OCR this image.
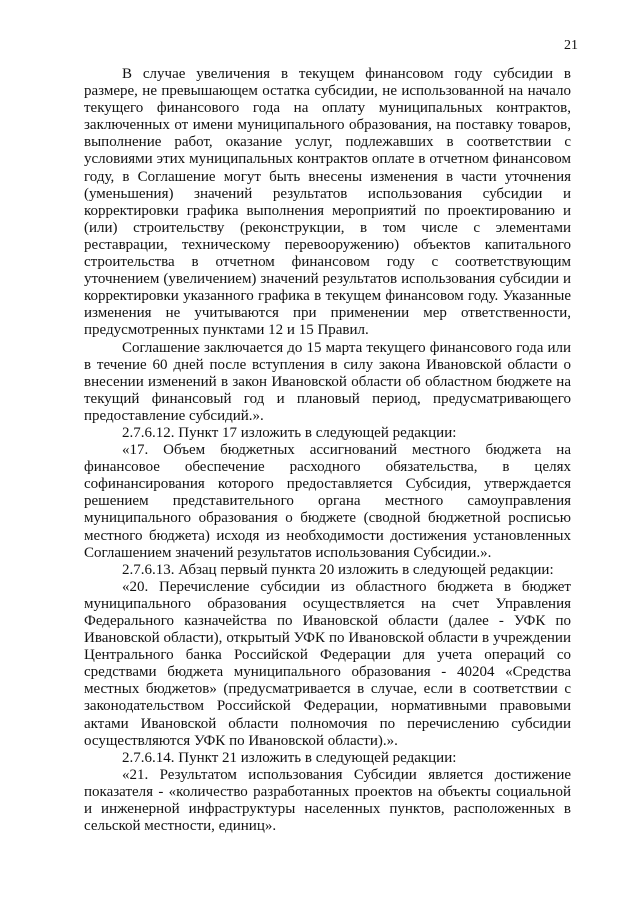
21

В случае увеличения в текущем финансовом году субсидии в размере, не превышающем остатка субсидии, не использованной на начало текущего финансового года на оплату муниципальных контрактов, заключенных от имени муниципального образования, на поставку товаров, выполнение работ, оказание услуг, подлежавших в соответствии с условиями этих муниципальных контрактов оплате в отчетном финансовом году, в Соглашение могут быть внесены изменения в части уточнения (уменьшения) значений результатов использования субсидии и корректировки графика выполнения мероприятий по проектированию и (или) строительству (реконструкции, в том числе с элементами реставрации, техническому перевооружению) объектов капитального строительства в отчетном финансовом году с соответствующим уточнением (увеличением) значений результатов использования субсидии и корректировки указанного графика в текущем финансовом году. Указанные изменения не учитываются при применении мер ответственности, предусмотренных пунктами 12 и 15 Правил.

Соглашение заключается до 15 марта текущего финансового года или в течение 60 дней после вступления в силу закона Ивановской области о внесении изменений в закон Ивановской области об областном бюджете на текущий финансовый год и плановый период, предусматривающего предоставление субсидий.».

2.7.6.12. Пункт 17 изложить в следующей редакции:

«17. Объем бюджетных ассигнований местного бюджета на финансовое обеспечение расходного обязательства, в целях софинансирования которого предоставляется Субсидия, утверждается решением представительного органа местного самоуправления муниципального образования о бюджете (сводной бюджетной росписью местного бюджета) исходя из необходимости достижения установленных Соглашением значений результатов использования Субсидии.».

2.7.6.13. Абзац первый пункта 20 изложить в следующей редакции:

«20. Перечисление субсидии из областного бюджета в бюджет муниципального образования осуществляется на счет Управления Федерального казначейства по Ивановской области (далее - УФК по Ивановской области), открытый УФК по Ивановской области в учреждении Центрального банка Российской Федерации для учета операций со средствами бюджета муниципального образования - 40204 «Средства местных бюджетов» (предусматривается в случае, если в соответствии с законодательством Российской Федерации, нормативными правовыми актами Ивановской области полномочия по перечислению субсидии осуществляются УФК по Ивановской области).».

2.7.6.14. Пункт 21 изложить в следующей редакции:

«21. Результатом использования Субсидии является достижение показателя - «количество разработанных проектов на объекты социальной и инженерной инфраструктуры населенных пунктов, расположенных в сельской местности, единиц».
